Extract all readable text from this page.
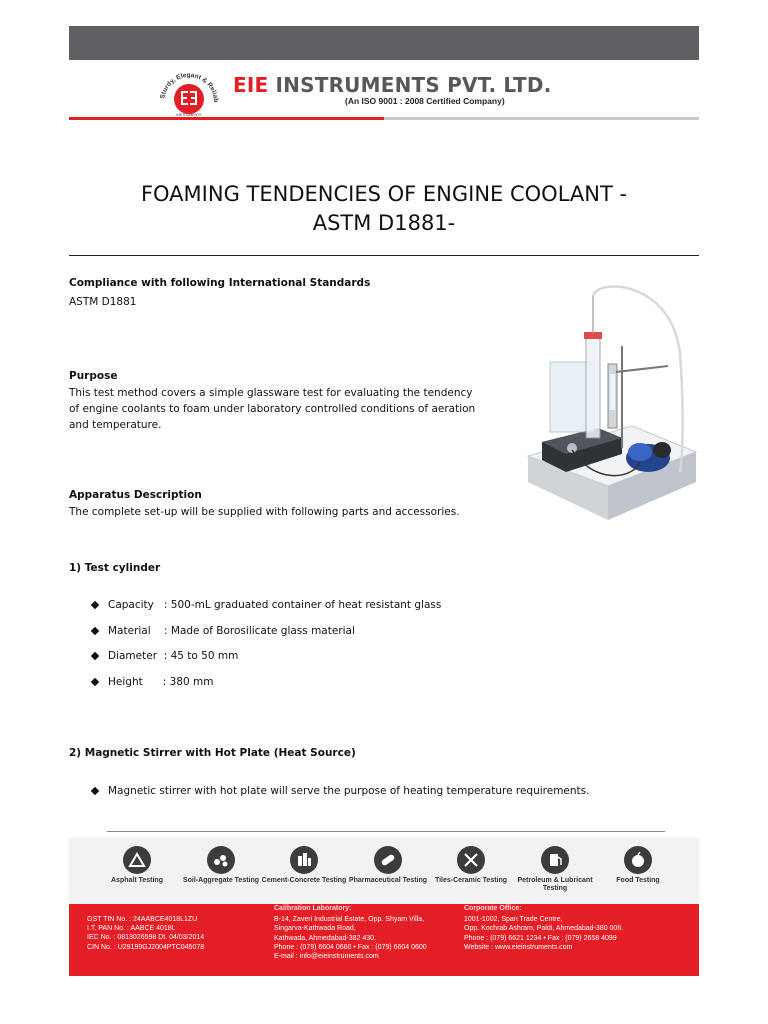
Sturdy, Elegant & Reliab
INSTRUMENTS
EIE INSTRUMENTS PVT. LTD.
(An ISO 9001 : 2008 Certified Company)
FOAMING TENDENCIES OF ENGINE COOLANT -
ASTM D1881-
Compliance with following International Standards
ASTM D1881
Purpose
This test method covers a simple glassware test for evaluating the tendency
of engine coolants to foam under laboratory controlled conditions of aeration
and temperature.
Apparatus Description
The complete set-up will be supplied with following parts and accessories.
1) Test cylinder
Capacity   : 500-mL graduated container of heat resistant glass
Material    : Made of Borosilicate glass material
Diameter  : 45 to 50 mm
Height      : 380 mm
2) Magnetic Stirrer with Hot Plate (Heat Source)
Magnetic stirrer with hot plate will serve the purpose of heating temperature requirements.
Asphalt Testing	Soil-Aggregate Testing Cement-Concrete Testing Pharmaceutical Testing	Tiles-Ceramic Testing	Petroleum & Lubricant Testing
Food Testing
GST TIN No. : 24AABCE4018L1ZU
I.T. PAN No. : AABCE 4018L
IEC No. : 0813026598 Dt. 04/03/2014
CIN No. : U29199GJ2004PTC045078
Calibration Laboratory:
B-14, Zaveri Industrial Estate, Opp. Shyam Villa,
Singarva-Kathwada Road,
Kathwada, Ahmedabad-382 430.
Phone : (079) 6604 0660 • Fax : (079) 6604 0600
E-mail : info@eieinstruments.com
Corporate Office:
1001-1002, Span Trade Centre,
Opp. Kochrab Ashram, Paldi, Ahmedabad-380 006.
Phone : (079) 6621 1234 • Fax : (079) 2658 4099
Website : www.eieinstruments.com
